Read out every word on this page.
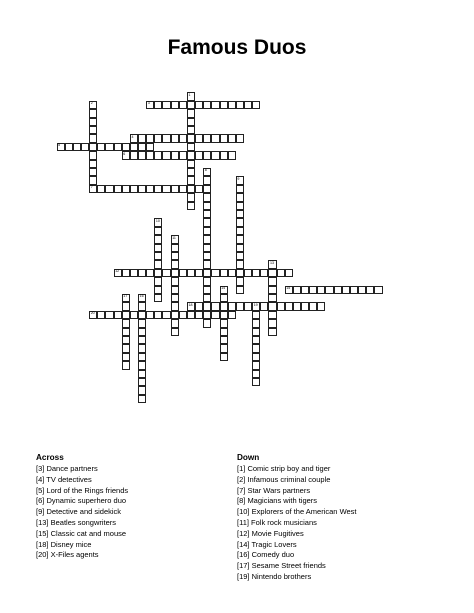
Famous Duos
1
2
7
3
4
5
6
8
9
10
11
12
13
14	15
16
17
18	19
20
Across
[3] Dance partners
[4] TV detectives
[5] Lord of the Rings friends
[6] Dynamic superhero duo
[9] Detective and sidekick
[13] Beatles songwriters
[15] Classic cat and mouse
[18] Disney mice
[20] X-Files agents
Down
[1] Comic strip boy and tiger
[2] Infamous criminal couple
[7] Star Wars partners
[8] Magicians with tigers
[10] Explorers of the American West
[11] Folk rock musicians
[12] Movie Fugitives
[14] Tragic Lovers
[16] Comedy duo
[17] Sesame Street friends
[19] Nintendo brothers
